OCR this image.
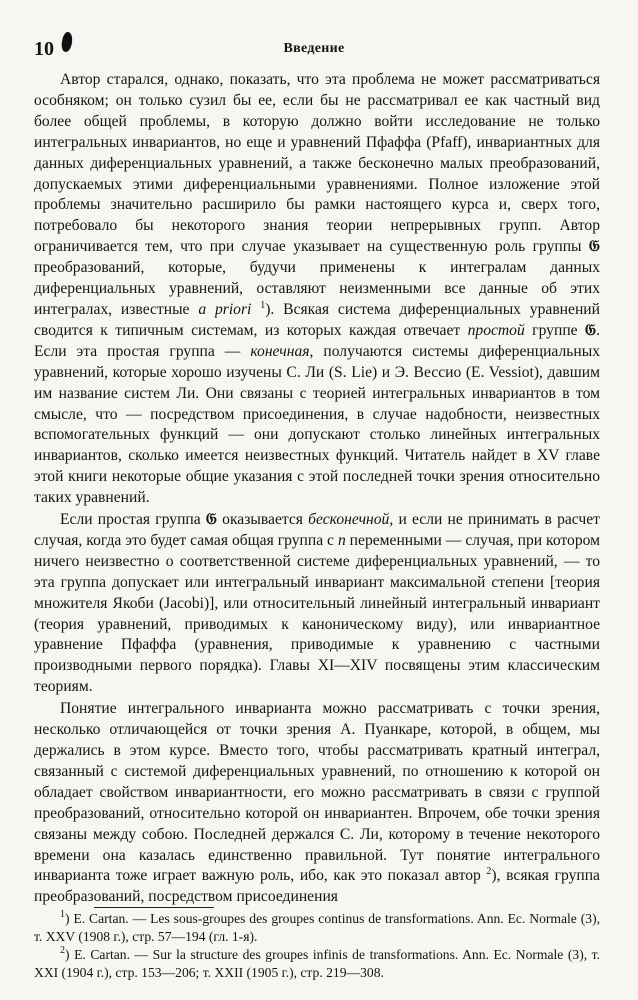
10	Введение

Автор старался, однако, показать, что эта проблема не может рассматриваться особняком; он только сузил бы ее, если бы не рассматривал ее как частный вид более общей проблемы, в которую должно войти исследование не только интегральных инвариантов, но еще и уравнений Пфаффа (Pfaff), инвариантных для данных диференциальных уравнений, а также бесконечно малых преобразований, допускаемых этими диференциальными уравнениями. Полное изложение этой проблемы значительно расширило бы рамки настоящего курса и, сверх того, потребовало бы некоторого знания теории непрерывных групп. Автор ограничивается тем, что при случае указывает на существенную роль группы 𝔊 преобразований, которые, будучи применены к интегралам данных диференциальных уравнений, оставляют неизменными все данные об этих интегралах, известные a priori $^1$). Всякая система диференциальных уравнений сводится к типичным системам, из которых каждая отвечает простой группе 𝔊. Если эта простая группа — конечная, получаются системы диференциальных уравнений, которые хорошо изучены С. Ли (S. Lie) и Э. Вессио (E. Vessiot), давшим им название систем Ли. Они связаны с теорией интегральных инвариантов в том смысле, что — посредством присоединения, в случае надобности, неизвестных вспомогательных функций — они допускают столько линейных интегральных инвариантов, сколько имеется неизвестных функций. Читатель найдет в XV главе этой книги некоторые общие указания с этой последней точки зрения относительно таких уравнений.

Если простая группа 𝔊 оказывается бесконечной, и если не принимать в расчет случая, когда это будет самая общая группа с n переменными — случая, при котором ничего неизвестно о соответственной системе диференциальных уравнений, — то эта группа допускает или интегральный инвариант максимальной степени [теория множителя Якоби (Jacobi)], или относительный линейный интегральный инвариант (теория уравнений, приводимых к каноническому виду), или инвариантное уравнение Пфаффа (уравнения, приводимые к уравнению с частными производными первого порядка). Главы XI—XIV посвящены этим классическим теориям.

Понятие интегрального инварианта можно рассматривать с точки зрения, несколько отличающейся от точки зрения А. Пуанкаре, которой, в общем, мы держались в этом курсе. Вместо того, чтобы рассматривать кратный интеграл, связанный с системой диференциальных уравнений, по отношению к которой он обладает свойством инвариантности, его можно рассматривать в связи с группой преобразований, относительно которой он инвариантен. Впрочем, обе точки зрения связаны между собою. Последней держался С. Ли, которому в течение некоторого времени она казалась единственно правильной. Тут понятие интегрального инварианта тоже играет важную роль, ибо, как это показал автор $^2$), всякая группа преобразований, посредством присоединения

$^1$) E. Cartan. — Les sous-groupes des groupes continus de transformations. Ann. Ec. Normale (3), т. XXV (1908 г.), стр. 57—194 (гл. 1-я).

$^2$) E. Cartan. — Sur la structure des groupes infinis de transformations. Ann. Ec. Normale (3), т. XXI (1904 г.), стр. 153—206; т. XXII (1905 г.), стр. 219—308.
